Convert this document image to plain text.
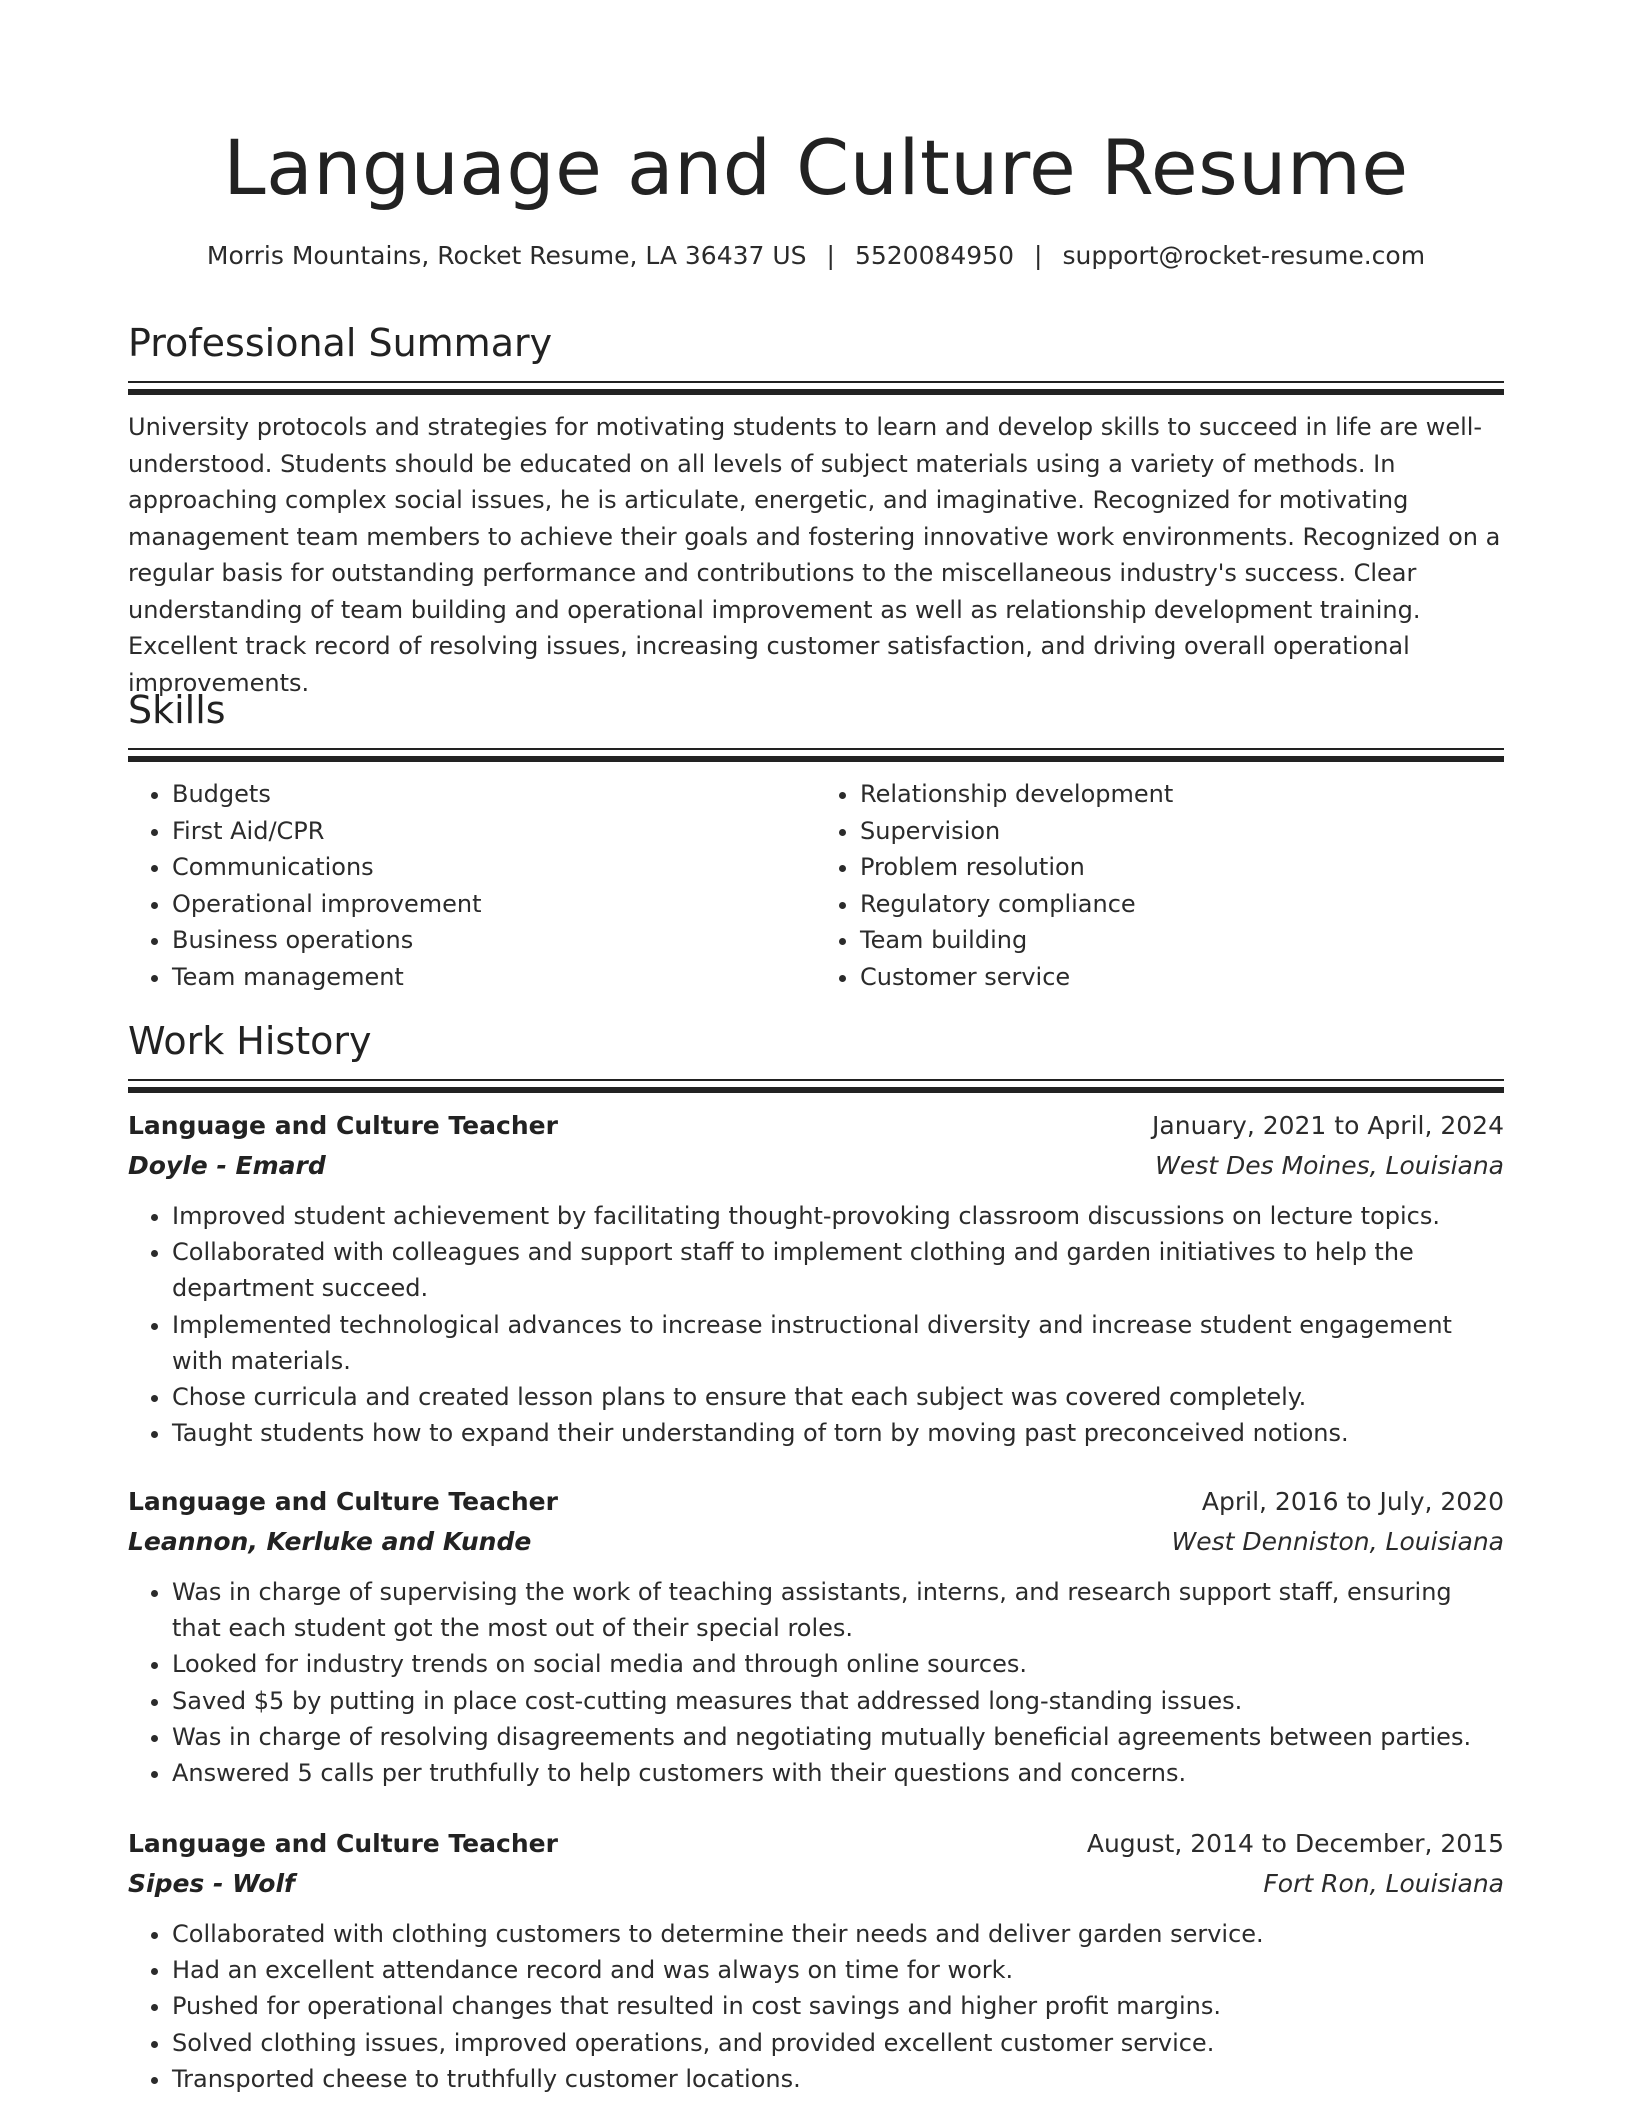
Language and Culture Resume
Morris Mountains, Rocket Resume, LA 36437 US | 5520084950 | support@rocket-resume.com
Professional Summary

University protocols and strategies for motivating students to learn and develop skills to succeed in life are well-understood. Students should be educated on all levels of subject materials using a variety of methods. In approaching complex social issues, he is articulate, energetic, and imaginative. Recognized for motivating management team members to achieve their goals and fostering innovative work environments. Recognized on a regular basis for outstanding performance and contributions to the miscellaneous industry's success. Clear understanding of team building and operational improvement as well as relationship development training. Excellent track record of resolving issues, increasing customer satisfaction, and driving overall operational improvements.

Skills
• Budgets
• First Aid/CPR
• Communications
• Operational improvement
• Business operations
• Team management
• Relationship development
• Supervision
• Problem resolution
• Regulatory compliance
• Team building
• Customer service
Work History
Language and Culture Teacher	January, 2021 to April, 2024
Doyle - Emard	West Des Moines, Louisiana
• Improved student achievement by facilitating thought-provoking classroom discussions on lecture topics.
• Collaborated with colleagues and support staff to implement clothing and garden initiatives to help the department succeed.
• Implemented technological advances to increase instructional diversity and increase student engagement with materials.
• Chose curricula and created lesson plans to ensure that each subject was covered completely.
• Taught students how to expand their understanding of torn by moving past preconceived notions.
Language and Culture Teacher	April, 2016 to July, 2020
Leannon, Kerluke and Kunde	West Denniston, Louisiana
• Was in charge of supervising the work of teaching assistants, interns, and research support staff, ensuring that each student got the most out of their special roles.
• Looked for industry trends on social media and through online sources.
• Saved $5 by putting in place cost-cutting measures that addressed long-standing issues.
• Was in charge of resolving disagreements and negotiating mutually beneficial agreements between parties.
• Answered 5 calls per truthfully to help customers with their questions and concerns.
Language and Culture Teacher	August, 2014 to December, 2015
Sipes - Wolf	Fort Ron, Louisiana
• Collaborated with clothing customers to determine their needs and deliver garden service.
• Had an excellent attendance record and was always on time for work.
• Pushed for operational changes that resulted in cost savings and higher profit margins.
• Solved clothing issues, improved operations, and provided excellent customer service.
• Transported cheese to truthfully customer locations.
